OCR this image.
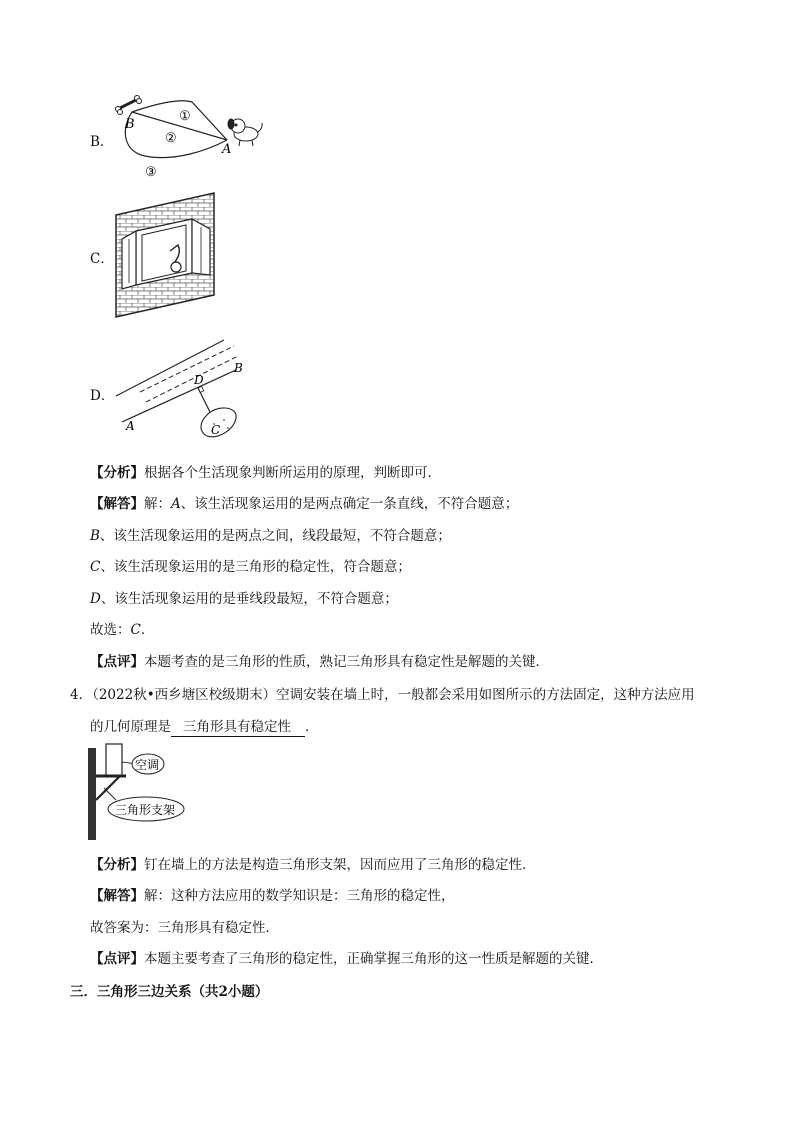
B．
B
A
①
②
③
C．
D．
A
B
D
C
【分析】根据各个生活现象判断所运用的原理，判断即可．
【解答】解：A、该生活现象运用的是两点确定一条直线，不符合题意；
B、该生活现象运用的是两点之间，线段最短，不符合题意；
C、该生活现象运用的是三角形的稳定性，符合题意；
D、该生活现象运用的是垂线段最短，不符合题意；
故选：C．
【点评】本题考查的是三角形的性质，熟记三角形具有稳定性是解题的关键．
4．（2022秋•西乡塘区校级期末）空调安装在墙上时，一般都会采用如图所示的方法固定，这种方法应用
的几何原理是 三角形具有稳定性 ．
空调
三角形支架
【分析】钉在墙上的方法是构造三角形支架，因而应用了三角形的稳定性．
【解答】解：这种方法应用的数学知识是：三角形的稳定性，
故答案为：三角形具有稳定性．
【点评】本题主要考查了三角形的稳定性，正确掌握三角形的这一性质是解题的关键．
三．三角形三边关系（共2小题）
